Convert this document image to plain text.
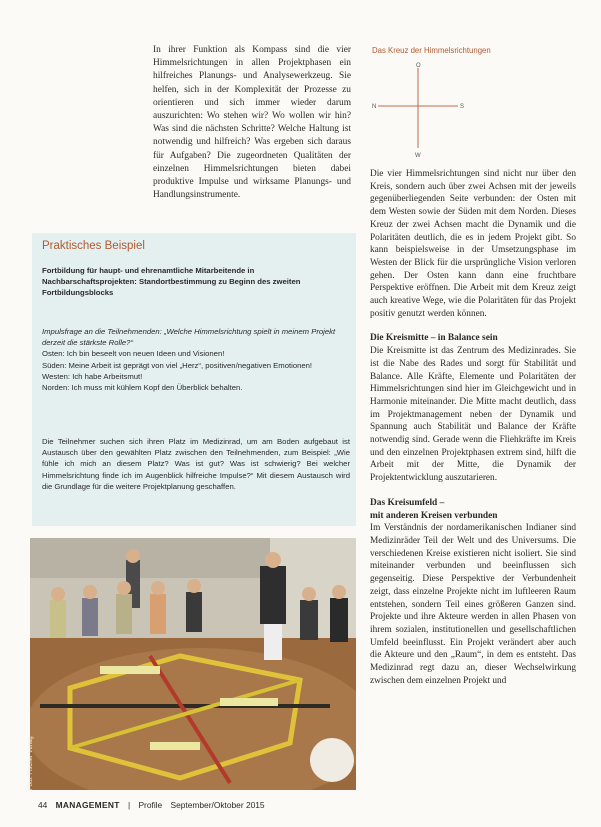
In ihrer Funktion als Kompass sind die vier Himmelsrichtungen in allen Projektphasen ein hilfreiches Planungs- und Analysewerkzeug. Sie helfen, sich in der Komplexität der Prozesse zu orientieren und sich immer wieder darum auszurichten: Wo stehen wir? Wo wollen wir hin? Was sind die nächsten Schritte? Welche Haltung ist notwendig und hilfreich? Was ergeben sich daraus für Aufgaben? Die zugeordneten Qualitäten der einzelnen Himmelsrichtungen bieten dabei produktive Impulse und wirksame Planungs- und Handlungsinstrumente.

Praktisches Beispiel

Fortbildung für haupt- und ehrenamtliche Mitarbeitende in Nachbarschaftsprojekten: Standortbestimmung zu Beginn des zweiten Fortbildungsblocks

Impulsfrage an die Teilnehmenden: „Welche Himmelsrichtung spielt in meinem Projekt derzeit die stärkste Rolle?“

Osten: Ich bin beseelt von neuen Ideen und Visionen!

Süden: Meine Arbeit ist geprägt von viel „Herz“, positiven/negativen Emotionen!

Westen: Ich habe Arbeitsmut!

Norden: Ich muss mit kühlem Kopf den Überblick behalten.

Die Teilnehmer suchen sich ihren Platz im Medizinrad, um am Boden aufgebaut ist Austausch über den gewählten Platz zwischen den Teilnehmenden, zum Beispiel: „Wie fühle ich mich an diesem Platz? Was ist gut? Was ist schwierig? Bei welcher Himmelsrichtung finde ich im Augenblick hilfreiche Impulse?“ Mit diesem Austausch wird die Grundlage für die weitere Projektplanung geschaffen.

Foto: Fischer Verlag
Das Kreuz der Himmelsrichtungen
O
N	S
W

Die vier Himmelsrichtungen sind nicht nur über den Kreis, sondern auch über zwei Achsen mit der jeweils gegenüberliegenden Seite verbunden: der Osten mit dem Westen sowie der Süden mit dem Norden. Dieses Kreuz der zwei Achsen macht die Dynamik und die Polaritäten deutlich, die es in jedem Projekt gibt. So kann beispielsweise in der Umsetzungsphase im Westen der Blick für die ursprüngliche Vision verloren gehen. Der Osten kann dann eine fruchtbare Perspektive eröffnen. Die Arbeit mit dem Kreuz zeigt auch kreative Wege, wie die Polaritäten für das Projekt positiv genutzt werden können.

Die Kreismitte – in Balance sein

Die Kreismitte ist das Zentrum des Medizinrades. Sie ist die Nabe des Rades und sorgt für Stabilität und Balance. Alle Kräfte, Elemente und Polaritäten der Himmelsrichtungen sind hier im Gleichgewicht und in Harmonie miteinander. Die Mitte macht deutlich, dass im Projektmanagement neben der Dynamik und Spannung auch Stabilität und Balance der Kräfte notwendig sind. Gerade wenn die Fliehkräfte im Kreis und den einzelnen Projektphasen extrem sind, hilft die Arbeit mit der Mitte, die Dynamik der Projektentwicklung auszutarieren.

Das Kreisumfeld –
mit anderen Kreisen verbunden

Im Verständnis der nordamerikanischen Indianer sind Medizinräder Teil der Welt und des Universums. Die verschiedenen Kreise existieren nicht isoliert. Sie sind miteinander verbunden und beeinflussen sich gegenseitig. Diese Perspektive der Verbundenheit zeigt, dass einzelne Projekte nicht im luftleeren Raum entstehen, sondern Teil eines größeren Ganzen sind. Projekte und ihre Akteure werden in allen Phasen von ihrem sozialen, institutionellen und gesellschaftlichen Umfeld beeinflusst. Ein Projekt verändert aber auch die Akteure und den „Raum“, in dem es entsteht. Das Medizinrad regt dazu an, dieser Wechselwirkung zwischen dem einzelnen Projekt und

44 MANAGEMENT | Profile September/Oktober 2015
